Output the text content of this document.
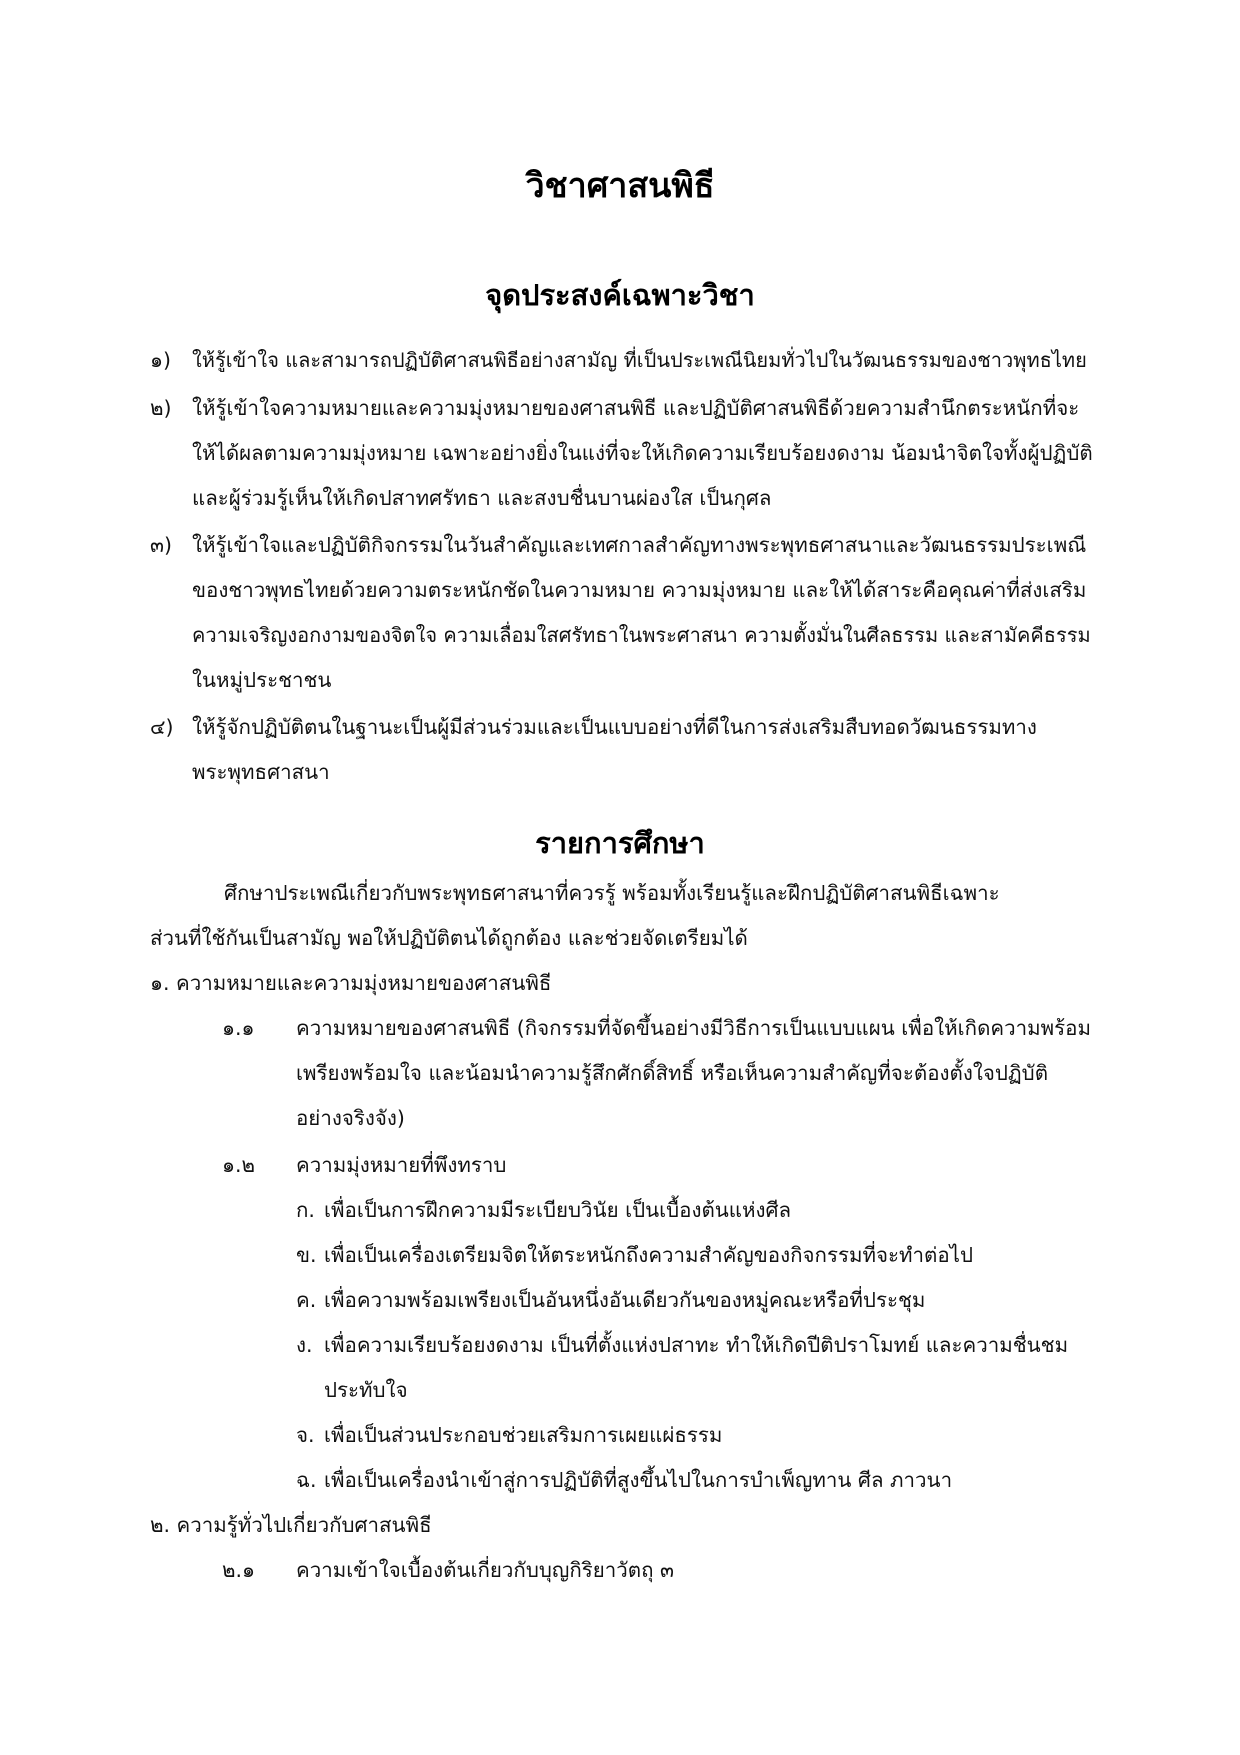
วิชาศาสนพิธี
จุดประสงค์เฉพาะวิชา
๑) ให้รู้เข้าใจ และสามารถปฏิบัติศาสนพิธีอย่างสามัญ ที่เป็นประเพณีนิยมทั่วไปในวัฒนธรรมของชาวพุทธไทย
๒) ให้รู้เข้าใจความหมายและความมุ่งหมายของศาสนพิธี และปฏิบัติศาสนพิธีด้วยความสำนึกตระหนักที่จะ
ให้ได้ผลตามความมุ่งหมาย เฉพาะอย่างยิ่งในแง่ที่จะให้เกิดความเรียบร้อยงดงาม น้อมนำจิตใจทั้งผู้ปฏิบัติ
และผู้ร่วมรู้เห็นให้เกิดปสาทศรัทธา และสงบชื่นบานผ่องใส เป็นกุศล
๓) ให้รู้เข้าใจและปฏิบัติกิจกรรมในวันสำคัญและเทศกาลสำคัญทางพระพุทธศาสนาและวัฒนธรรมประเพณี
ของชาวพุทธไทยด้วยความตระหนักชัดในความหมาย ความมุ่งหมาย และให้ได้สาระคือคุณค่าที่ส่งเสริม
ความเจริญงอกงามของจิตใจ ความเลื่อมใสศรัทธาในพระศาสนา ความตั้งมั่นในศีลธรรม และสามัคคีธรรม
ในหมู่ประชาชน
๔) ให้รู้จักปฏิบัติตนในฐานะเป็นผู้มีส่วนร่วมและเป็นแบบอย่างที่ดีในการส่งเสริมสืบทอดวัฒนธรรมทาง
พระพุทธศาสนา
รายการศึกษา
ศึกษาประเพณีเกี่ยวกับพระพุทธศาสนาที่ควรรู้ พร้อมทั้งเรียนรู้และฝึกปฏิบัติศาสนพิธีเฉพาะ
ส่วนที่ใช้กันเป็นสามัญ พอให้ปฏิบัติตนได้ถูกต้อง และช่วยจัดเตรียมได้
๑. ความหมายและความมุ่งหมายของศาสนพิธี
๑.๑ ความหมายของศาสนพิธี (กิจกรรมที่จัดขึ้นอย่างมีวิธีการเป็นแบบแผน เพื่อให้เกิดความพร้อม
เพรียงพร้อมใจ และน้อมนำความรู้สึกศักดิ์สิทธิ์ หรือเห็นความสำคัญที่จะต้องตั้งใจปฏิบัติ
อย่างจริงจัง)
๑.๒ ความมุ่งหมายที่พึงทราบ
ก. เพื่อเป็นการฝึกความมีระเบียบวินัย เป็นเบื้องต้นแห่งศีล
ข. เพื่อเป็นเครื่องเตรียมจิตให้ตระหนักถึงความสำคัญของกิจกรรมที่จะทำต่อไป
ค. เพื่อความพร้อมเพรียงเป็นอันหนึ่งอันเดียวกันของหมู่คณะหรือที่ประชุม
ง. เพื่อความเรียบร้อยงดงาม เป็นที่ตั้งแห่งปสาทะ ทำให้เกิดปีติปราโมทย์ และความชื่นชม
ประทับใจ
จ. เพื่อเป็นส่วนประกอบช่วยเสริมการเผยแผ่ธรรม
ฉ. เพื่อเป็นเครื่องนำเข้าสู่การปฏิบัติที่สูงขึ้นไปในการบำเพ็ญทาน ศีล ภาวนา
๒. ความรู้ทั่วไปเกี่ยวกับศาสนพิธี
๒.๑ ความเข้าใจเบื้องต้นเกี่ยวกับบุญกิริยาวัตถุ ๓
